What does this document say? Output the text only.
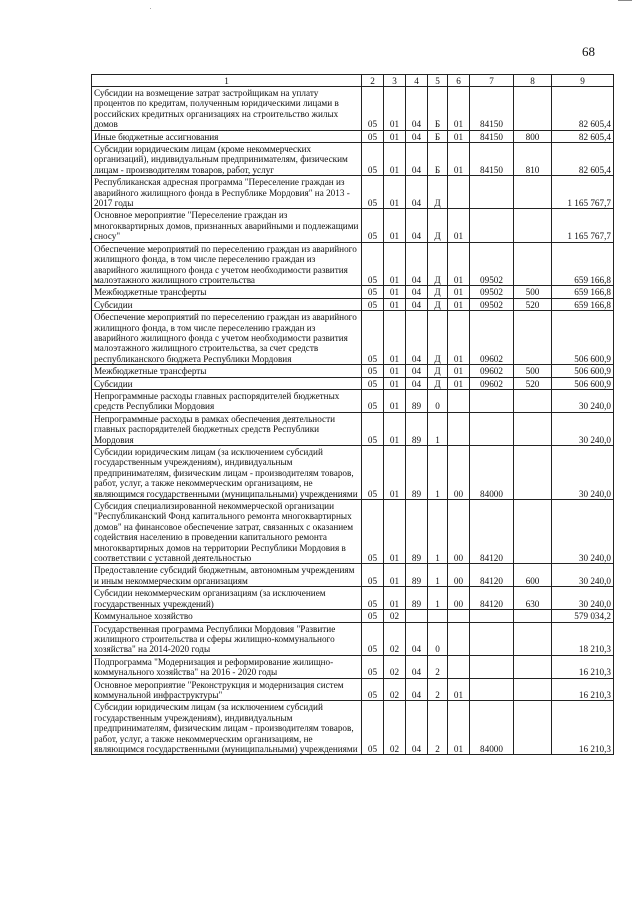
68
1	2	3	4	5	6	7	8	9
Субсидии на возмещение затрат застройщикам на уплату процентов по кредитам, полученным юридическими лицами в российских кредитных организациях на строительство жилых домов	05	01	04	Б	01	84150		82 605,4
Иные бюджетные ассигнования	05	01	04	Б	01	84150	800	82 605,4
Субсидии юридическим лицам (кроме некоммерческих организаций), индивидуальным предпринимателям, физическим лицам - производителям товаров, работ, услуг	05	01	04	Б	01	84150	810	82 605,4
Республиканская адресная программа "Переселение граждан из аварийного жилищного фонда в Республике Мордовия" на 2013 - 2017 годы	05	01	04	Д				1 165 767,7
Основное мероприятие "Переселение граждан из многоквартирных домов, признанных аварийными и подлежащими сносу"	05	01	04	Д	01			1 165 767,7
Обеспечение мероприятий по переселению граждан из аварийного жилищного фонда, в том числе переселению граждан из аварийного жилищного фонда с учетом необходимости развития малоэтажного жилищного строительства	05	01	04	Д	01	09502		659 166,8
Межбюджетные трансферты	05	01	04	Д	01	09502	500	659 166,8
Субсидии	05	01	04	Д	01	09502	520	659 166,8
Обеспечение мероприятий по переселению граждан из аварийного жилищного фонда, в том числе переселению граждан из аварийного жилищного фонда с учетом необходимости развития малоэтажного жилищного строительства, за счет средств республиканского бюджета Республики Мордовия	05	01	04	Д	01	09602		506 600,9
Межбюджетные трансферты	05	01	04	Д	01	09602	500	506 600,9
Субсидии	05	01	04	Д	01	09602	520	506 600,9
Непрограммные расходы главных распорядителей бюджетных средств Республики Мордовия	05	01	89	0				30 240,0
Непрограммные расходы в рамках обеспечения деятельности главных распорядителей бюджетных средств Республики Мордовия	05	01	89	1				30 240,0
Субсидии юридическим лицам (за исключением субсидий государственным учреждениям), индивидуальным предпринимателям, физическим лицам - производителям товаров, работ, услуг, а также некоммерческим организациям, не являющимся государственными (муниципальными) учреждениями	05	01	89	1	00	84000		30 240,0
Субсидия специализированной некоммерческой организации "Республиканский Фонд капитального ремонта многоквартирных домов" на финансовое обеспечение затрат, связанных с оказанием содействия населению в проведении капитального ремонта многоквартирных домов на территории Республики Мордовия в соответствии с уставной деятельностью	05	01	89	1	00	84120		30 240,0
Предоставление субсидий бюджетным, автономным учреждениям и иным некоммерческим организациям	05	01	89	1	00	84120	600	30 240,0
Субсидии некоммерческим организациям (за исключением государственных учреждений)	05	01	89	1	00	84120	630	30 240,0
Коммунальное хозяйство	05	02						579 034,2
Государственная программа Республики Мордовия "Развитие жилищного строительства и сферы жилищно-коммунального хозяйства" на 2014-2020 годы	05	02	04	0				18 210,3
Подпрограмма "Модернизация и реформирование жилищно-коммунального хозяйства" на 2016 - 2020 годы	05	02	04	2				16 210,3
Основное мероприятие "Реконструкция и модернизация систем коммунальной инфраструктуры"	05	02	04	2	01			16 210,3
Субсидии юридическим лицам (за исключением субсидий государственным учреждениям), индивидуальным предпринимателям, физическим лицам - производителям товаров, работ, услуг, а также некоммерческим организациям, не являющимся государственными (муниципальными) учреждениями	05	02	04	2	01	84000		16 210,3
